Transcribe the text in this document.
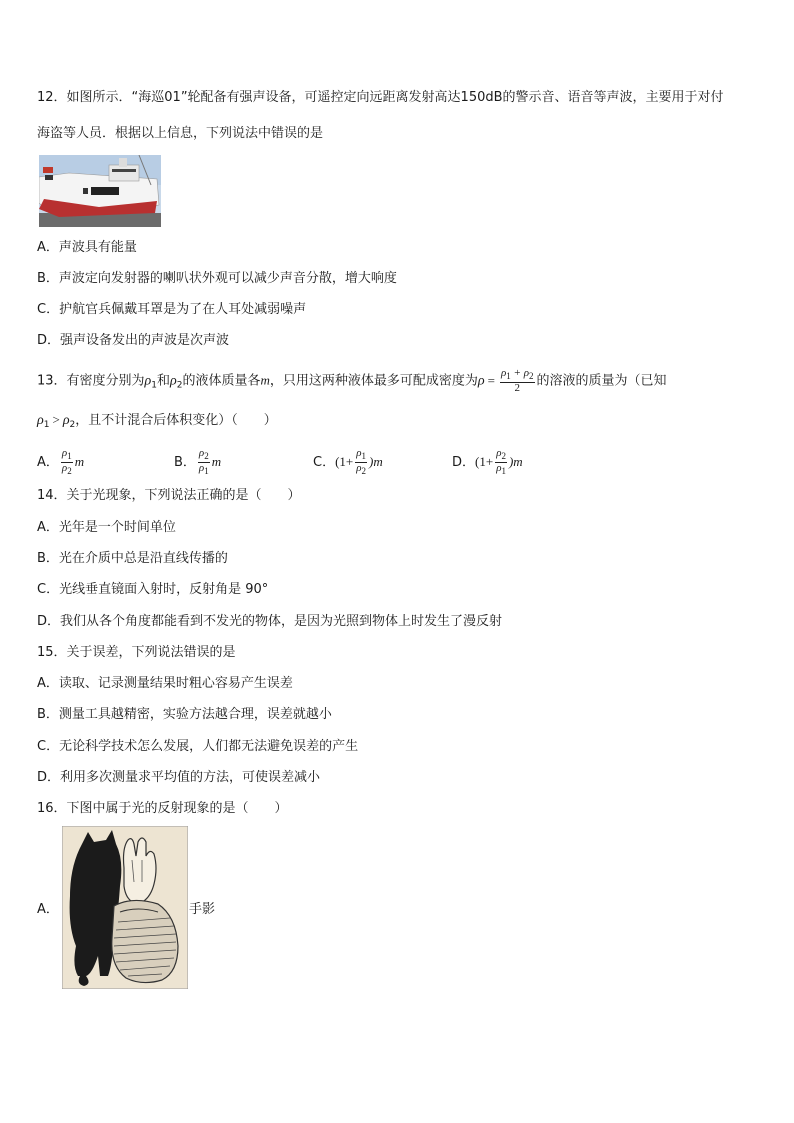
12．如图所示．“海巡01”轮配备有强声设备，可遥控定向远距离发射高达150dB的警示音、语音等声波，主要用于对付
海盗等人员．根据以上信息，下列说法中错误的是
A．声波具有能量
B．声波定向发射器的喇叭状外观可以减少声音分散，增大响度
C．护航官兵佩戴耳罩是为了在人耳处减弱噪声
D．强声设备发出的声波是次声波
13．有密度分别为$\rho_1$和$\rho_2$的液体质量各m，只用这两种液体最多可配成密度为$\rho = \frac{\rho_1 + \rho_2}{2}$ 的溶液的质量为（已知
$\rho_1 > \rho_2$，且不计混合后体积变化）（　　）
A． $\frac{\rho_1}{\rho_2}$ m	B． $\frac{\rho_2}{\rho_1}$ m	C．$(1+ \frac{\rho_1}{\rho_2} )m$	D．$(1+ \frac{\rho_2}{\rho_1} )m$
14．关于光现象，下列说法正确的是（　　）
A．光年是一个时间单位
B．光在介质中总是沿直线传播的
C．光线垂直镜面入射时，反射角是 90°
D．我们从各个角度都能看到不发光的物体，是因为光照到物体上时发生了漫反射
15．关于误差，下列说法错误的是
A．读取、记录测量结果时粗心容易产生误差
B．测量工具越精密，实验方法越合理，误差就越小
C．无论科学技术怎么发展，人们都无法避免误差的产生
D．利用多次测量求平均值的方法，可使误差减小
16．下图中属于光的反射现象的是（　　）
A．	手影
